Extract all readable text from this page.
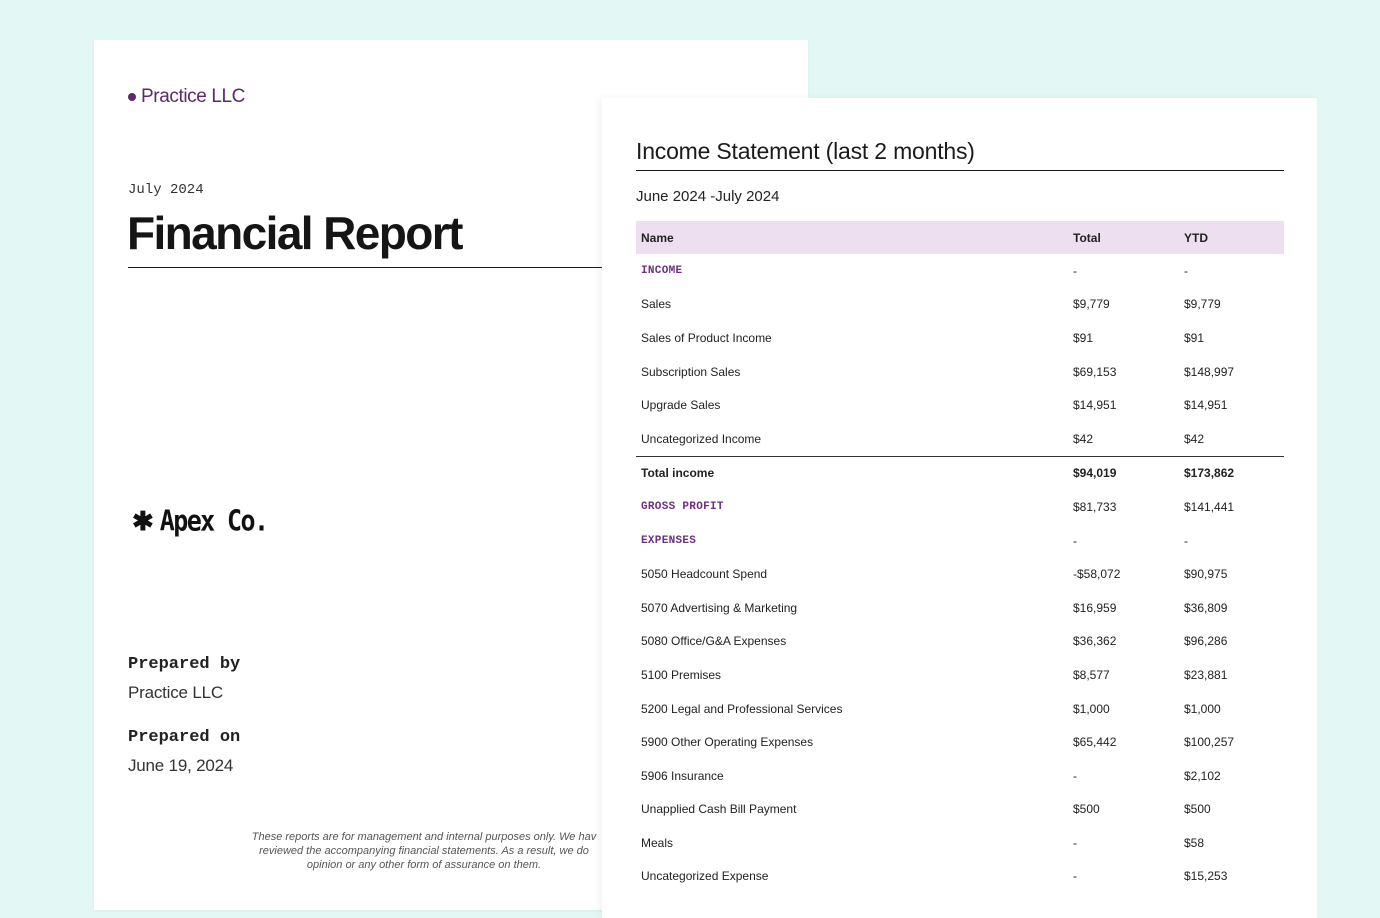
Practice LLC
July 2024
Financial Report
✱ Apex Co.
Prepared by
Practice LLC
Prepared on
June 19, 2024
These reports are for management and internal purposes only. We hav
reviewed the accompanying financial statements. As a result, we do
opinion or any other form of assurance on them.
Income Statement (last 2 months)
June 2024 -July 2024
Name	Total	YTD
INCOME	-	-
Sales	$9,779	$9,779
Sales of Product Income	$91	$91
Subscription Sales	$69,153	$148,997
Upgrade Sales	$14,951	$14,951
Uncategorized Income	$42	$42
Total income	$94,019	$173,862
GROSS PROFIT	$81,733	$141,441
EXPENSES	-	-
5050 Headcount Spend	-$58,072	$90,975
5070 Advertising & Marketing	$16,959	$36,809
5080 Office/G&A Expenses	$36,362	$96,286
5100 Premises	$8,577	$23,881
5200 Legal and Professional Services	$1,000	$1,000
5900 Other Operating Expenses	$65,442	$100,257
5906 Insurance	-	$2,102
Unapplied Cash Bill Payment	$500	$500
Meals	-	$58
Uncategorized Expense	-	$15,253
